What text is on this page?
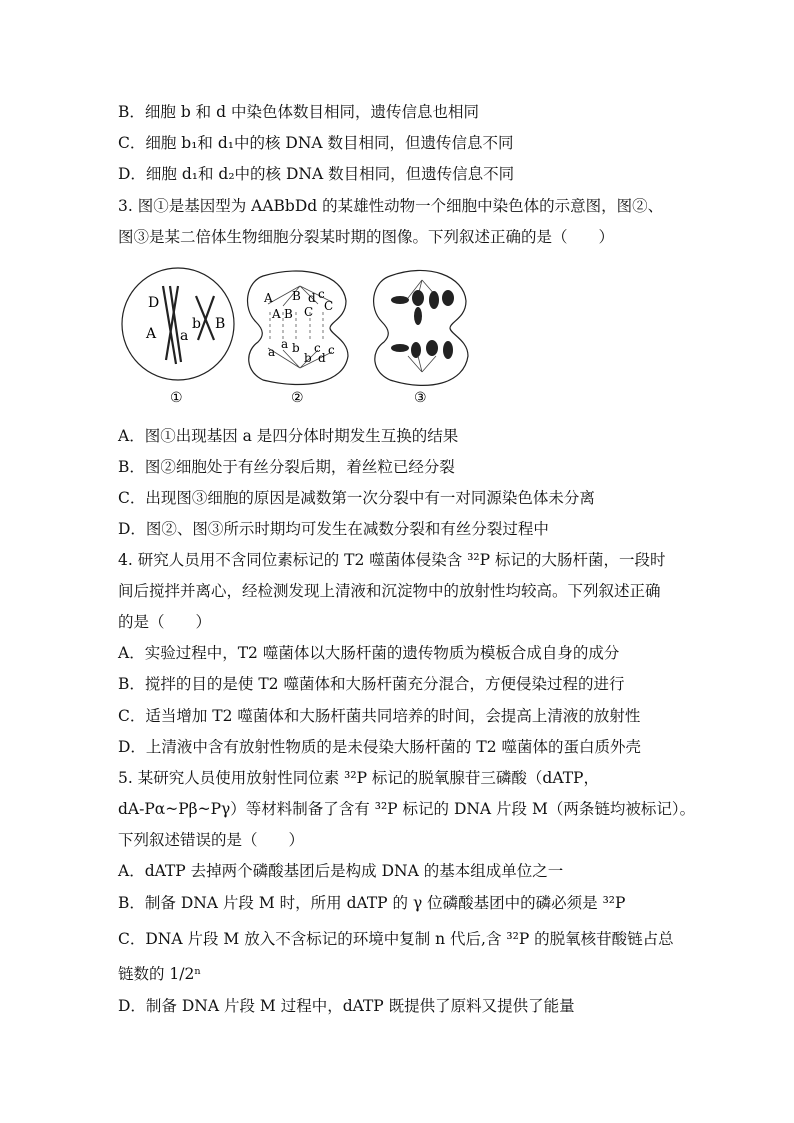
B．细胞 b 和 d 中染色体数目相同，遗传信息也相同
C．细胞 b₁和 d₁中的核 DNA 数目相同，但遗传信息不同
D．细胞 d₁和 d₂中的核 DNA 数目相同，但遗传信息不同
3. 图①是基因型为 AABbDd 的某雄性动物一个细胞中染色体的示意图，图②、
图③是某二倍体生物细胞分裂某时期的图像。下列叙述正确的是（　　）
D
A a
b B
①
A B d c
C
A B C
a b
a
b
c
d
c
②	③
A．图①出现基因 a 是四分体时期发生互换的结果
B．图②细胞处于有丝分裂后期，着丝粒已经分裂
C．出现图③细胞的原因是减数第一次分裂中有一对同源染色体未分离
D．图②、图③所示时期均可发生在减数分裂和有丝分裂过程中
4. 研究人员用不含同位素标记的 T2 噬菌体侵染含 ³²P 标记的大肠杆菌，一段时
间后搅拌并离心，经检测发现上清液和沉淀物中的放射性均较高。下列叙述正确
的是（　　）
A．实验过程中，T2 噬菌体以大肠杆菌的遗传物质为模板合成自身的成分
B．搅拌的目的是使 T2 噬菌体和大肠杆菌充分混合，方便侵染过程的进行
C．适当增加 T2 噬菌体和大肠杆菌共同培养的时间，会提高上清液的放射性
D．上清液中含有放射性物质的是未侵染大肠杆菌的 T2 噬菌体的蛋白质外壳
5. 某研究人员使用放射性同位素 ³²P 标记的脱氧腺苷三磷酸（dATP，
dA-Pα~Pβ~Pγ）等材料制备了含有 ³²P 标记的 DNA 片段 M（两条链均被标记）。
下列叙述错误的是（　　）
A．dATP 去掉两个磷酸基团后是构成 DNA 的基本组成单位之一
B．制备 DNA 片段 M 时，所用 dATP 的 γ 位磷酸基团中的磷必须是 ³²P
C．DNA 片段 M 放入不含标记的环境中复制 n 代后,含 ³²P 的脱氧核苷酸链占总
链数的 1/2ⁿ
D．制备 DNA 片段 M 过程中，dATP 既提供了原料又提供了能量
